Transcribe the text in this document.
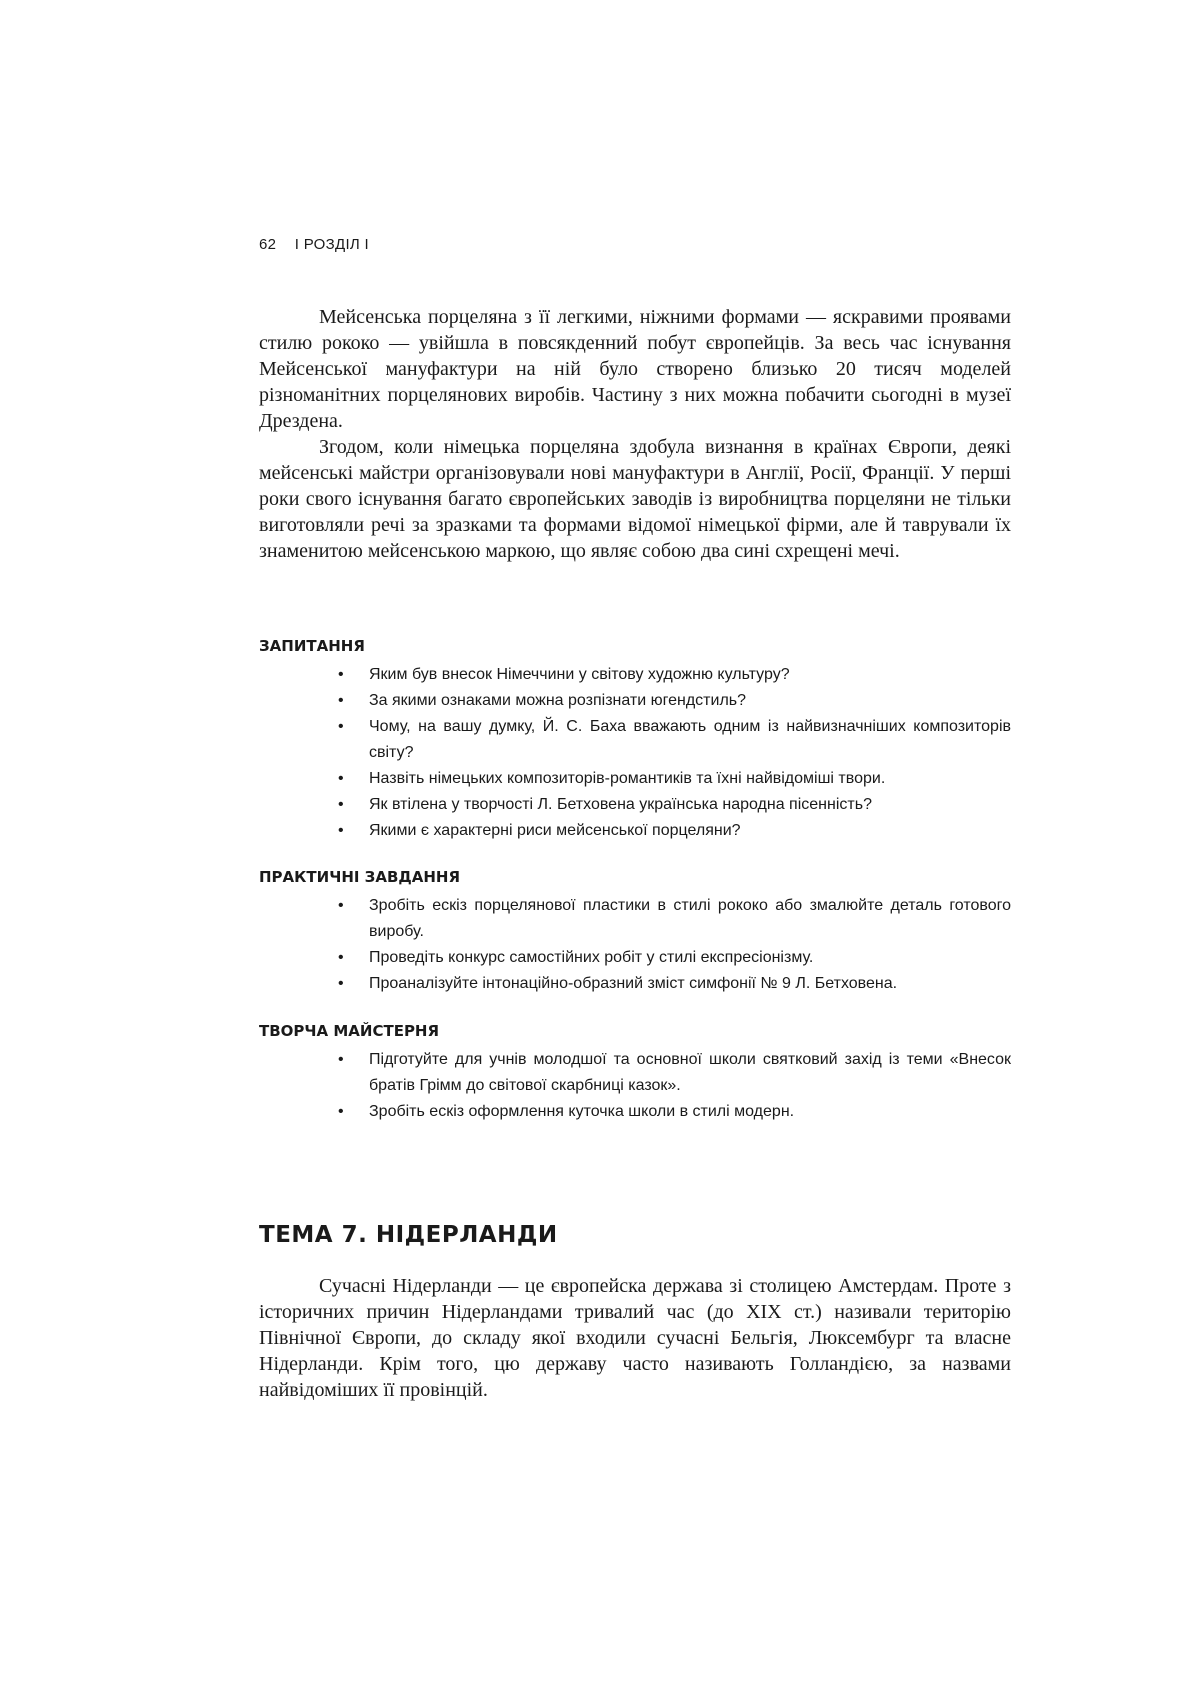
62 І РОЗДІЛ І

Мейсенська порцеляна з її легкими, ніжними формами — яскравими проявами стилю рококо — увійшла в повсякденний побут європейців. За весь час існування Мейсенської мануфактури на ній було створено близько 20 тисяч моделей різноманітних порцелянових виробів. Частину з них можна побачити сьогодні в музеї Дрездена.

Згодом, коли німецька порцеляна здобула визнання в країнах Європи, деякі мейсенські майстри організовували нові мануфактури в Англії, Росії, Франції. У перші роки свого існування багато європейських заводів із виробництва порцеляни не тільки виготовляли речі за зразками та формами відомої німецької фірми, але й таврували їх знаменитою мейсенською маркою, що являє собою два сині схрещені мечі.

ЗАПИТАННЯ
• Яким був внесок Німеччини у світову художню культуру?
• За якими ознаками можна розпізнати югендстиль?
• Чому, на вашу думку, Й. С. Баха вважають одним із найвизначніших композиторів світу?
• Назвіть німецьких композиторів-романтиків та їхні найвідоміші твори.
• Як втілена у творчості Л. Бетховена українська народна пісенність?
• Якими є характерні риси мейсенської порцеляни?
ПРАКТИЧНІ ЗАВДАННЯ
• Зробіть ескіз порцелянової пластики в стилі рококо або змалюйте деталь готового виробу.
• Проведіть конкурс самостійних робіт у стилі експресіонізму.
• Проаналізуйте інтонаційно-образний зміст симфонії № 9 Л. Бетховена.
ТВОРЧА МАЙСТЕРНЯ
• Підготуйте для учнів молодшої та основної школи святковий захід із теми «Внесок братів Грімм до світової скарбниці казок».
• Зробіть ескіз оформлення куточка школи в стилі модерн.
ТЕМА 7. НІДЕРЛАНДИ

Сучасні Нідерланди — це європейска держава зі столицею Амстердам. Проте з історичних причин Нідерландами тривалий час (до XIX ст.) називали територію Північної Європи, до складу якої входили сучасні Бельгія, Люксембург та власне Нідерланди. Крім того, цю державу часто називають Голландією, за назвами найвідоміших її провінцій.
